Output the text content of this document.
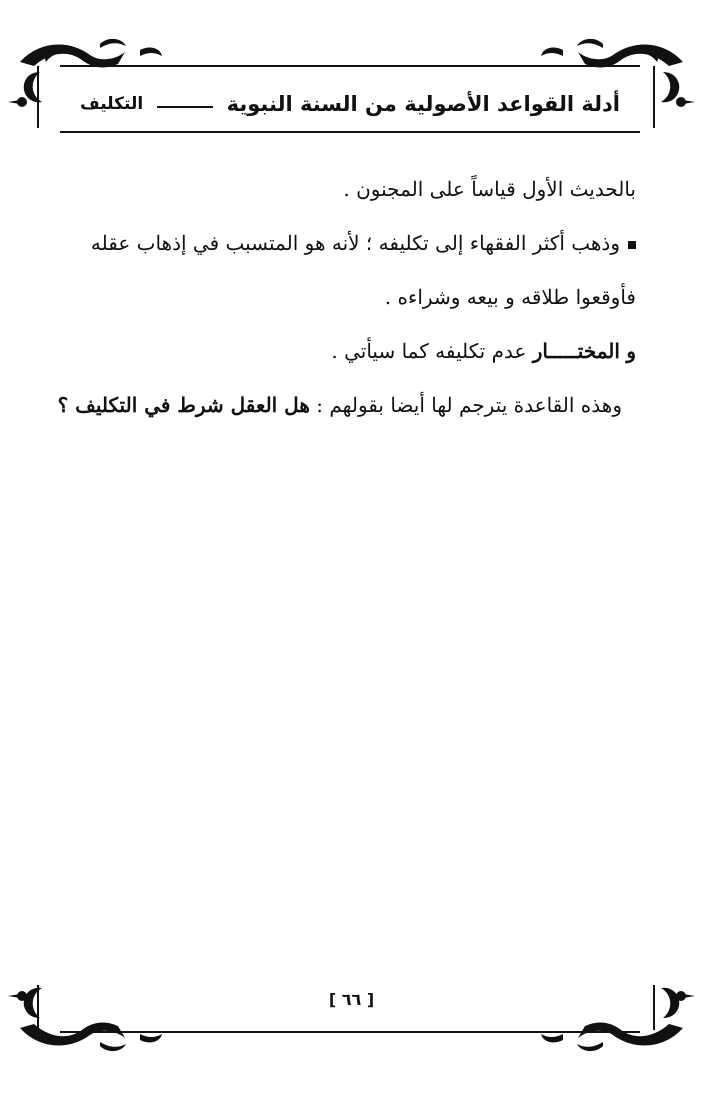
أدلة القواعد الأصولية من السنة النبوية
التكليف
بالحديث الأول قياساً على المجنون .
وذهب أكثر الفقهاء إلى تكليفه ؛ لأنه هو المتسبب في إذهاب عقله
فأوقعوا طلاقه و بيعه وشراءه .
و المختـــــار عدم تكليفه كما سيأتي .
وهذه القاعدة يترجم لها أيضا بقولهم : هل العقل شرط في التكليف ؟
[ ٦٦ ]
